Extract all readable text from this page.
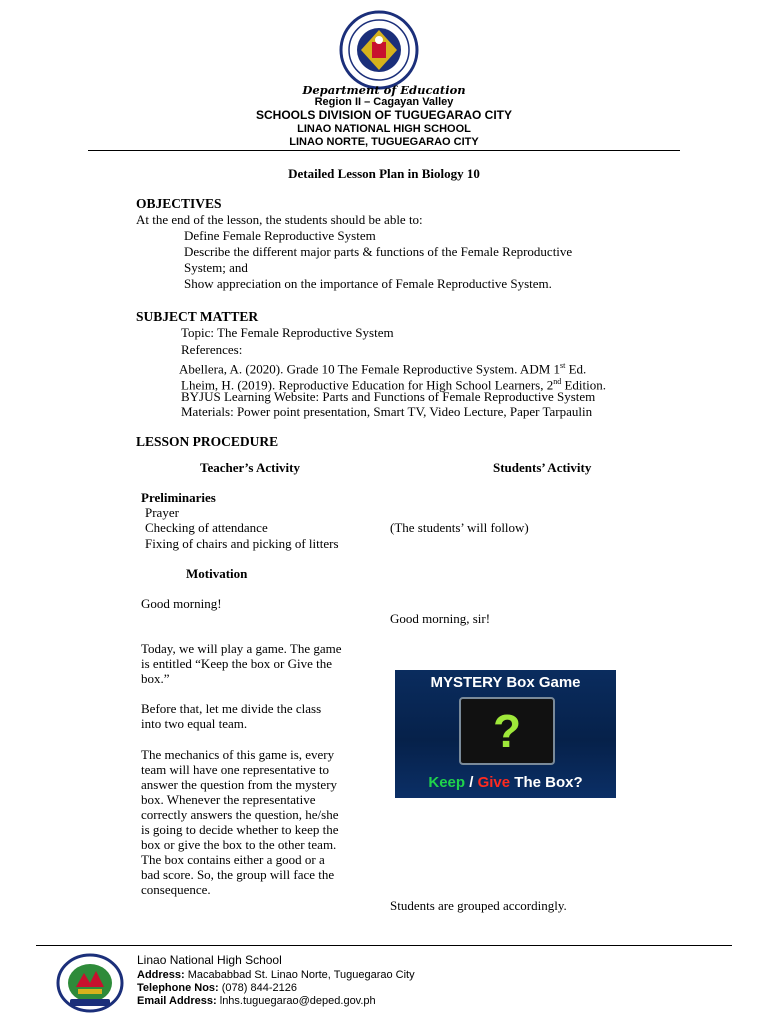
Department of Education
Region II – Cagayan Valley
SCHOOLS DIVISION OF TUGUEGARAO CITY
LINAO NATIONAL HIGH SCHOOL
LINAO NORTE, TUGUEGARAO CITY
Detailed Lesson Plan in Biology 10
OBJECTIVES
At the end of the lesson, the students should be able to:
Define Female Reproductive System
Describe the different major parts & functions of the Female Reproductive
System; and
Show appreciation on the importance of Female Reproductive System.
SUBJECT MATTER
Topic: The Female Reproductive System
References:
Abellera, A. (2020). Grade 10 The Female Reproductive System. ADM 1st Ed.
Lheim, H. (2019). Reproductive Education for High School Learners, 2nd Edition.
BYJUS Learning Website: Parts and Functions of Female Reproductive System
Materials: Power point presentation, Smart TV, Video Lecture, Paper Tarpaulin
LESSON PROCEDURE
Teacher’s Activity	Students’ Activity
Preliminaries
Prayer
Checking of attendance
Fixing of chairs and picking of litters
(The students’ will follow)
Motivation
Good morning!
Good morning, sir!
Today, we will play a game. The game
is entitled “Keep the box or Give the
box.”
Before that, let me divide the class
into two equal team.
The mechanics of this game is, every
team will have one representative to
answer the question from the mystery
box. Whenever the representative
correctly answers the question, he/she
is going to decide whether to keep the
box or give the box to the other team.
The box contains either a good or a
bad score. So, the group will face the
consequence.
Students are grouped accordingly.
MYSTERY Box Game
?
Keep / Give The Box?
Linao National High School
Address: Macababbad St. Linao Norte, Tuguegarao City
Telephone Nos: (078) 844-2126
Email Address: lnhs.tuguegarao@deped.gov.ph
